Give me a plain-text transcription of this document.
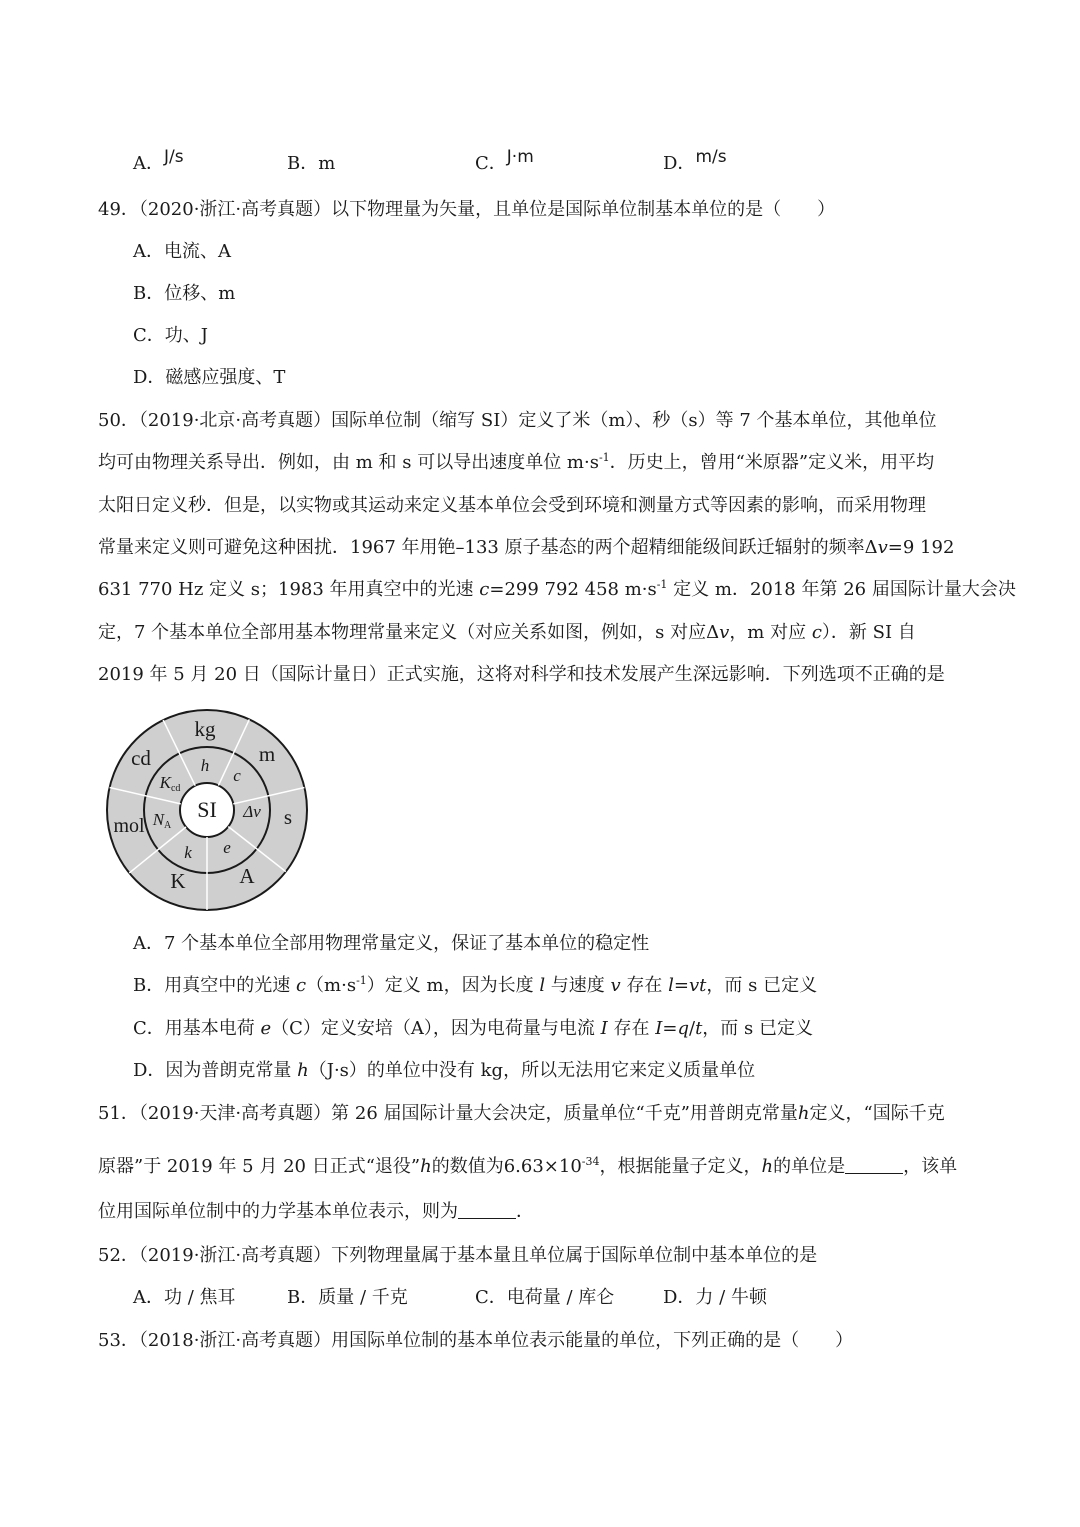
A．J/s	B．m	C．J·m	D．m/s
49．（2020·浙江·高考真题）以下物理量为矢量，且单位是国际单位制基本单位的是（　　）
A．电流、A
B．位移、m
C．功、J
D．磁感应强度、T
50．（2019·北京·高考真题）国际单位制（缩写 SI）定义了米（m）、秒（s）等 7 个基本单位，其他单位
均可由物理关系导出．例如，由 m 和 s 可以导出速度单位 $m\cdot s^{-1}$．历史上，曾用“米原器”定义米，用平均
太阳日定义秒．但是，以实物或其运动来定义基本单位会受到环境和测量方式等因素的影响，而采用物理
常量来定义则可避免这种困扰．1967 年用铯–133 原子基态的两个超精细能级间跃迁辐射的频率Δv=9 192
631 770 Hz 定义 s；1983 年用真空中的光速 c=299 792 458 $m\cdot s^{-1}$ 定义 m．2018 年第 26 届国际计量大会决
定，7 个基本单位全部用基本物理常量来定义（对应关系如图，例如，s 对应Δv，m 对应 c）．新 SI 自
2019 年 5 月 20 日（国际计量日）正式实施，这将对科学和技术发展产生深远影响．下列选项不正确的是
kg
m
s
A
K
mol
cd	h
c
Δv
e
k
NA
Kcd
SI
A．7 个基本单位全部用物理常量定义，保证了基本单位的稳定性
B．用真空中的光速 $c(m\cdot s^{-1})$定义 m，因为长度 l 与速度 v 存在 l=vt，而 s 已定义
C．用基本电荷 e（C）定义安培（A），因为电荷量与电流 I 存在 I=q/t，而 s 已定义
D．因为普朗克常量 h（J·s）的单位中没有 kg，所以无法用它来定义质量单位
51．（2019·天津·高考真题）第 26 届国际计量大会决定，质量单位“千克”用普朗克常量h定义，“国际千克
原器”于 2019 年 5 月 20 日正式“退役”h的数值为$6.63\times 10^{-34}$，根据能量子定义，h的单位是	，该单
位用国际单位制中的力学基本单位表示，则为	．
52．（2019·浙江·高考真题）下列物理量属于基本量且单位属于国际单位制中基本单位的是
A．功 / 焦耳	B．质量 / 千克	C．电荷量 / 库仑	D．力 / 牛顿
53．（2018·浙江·高考真题）用国际单位制的基本单位表示能量的单位，下列正确的是（　　）
